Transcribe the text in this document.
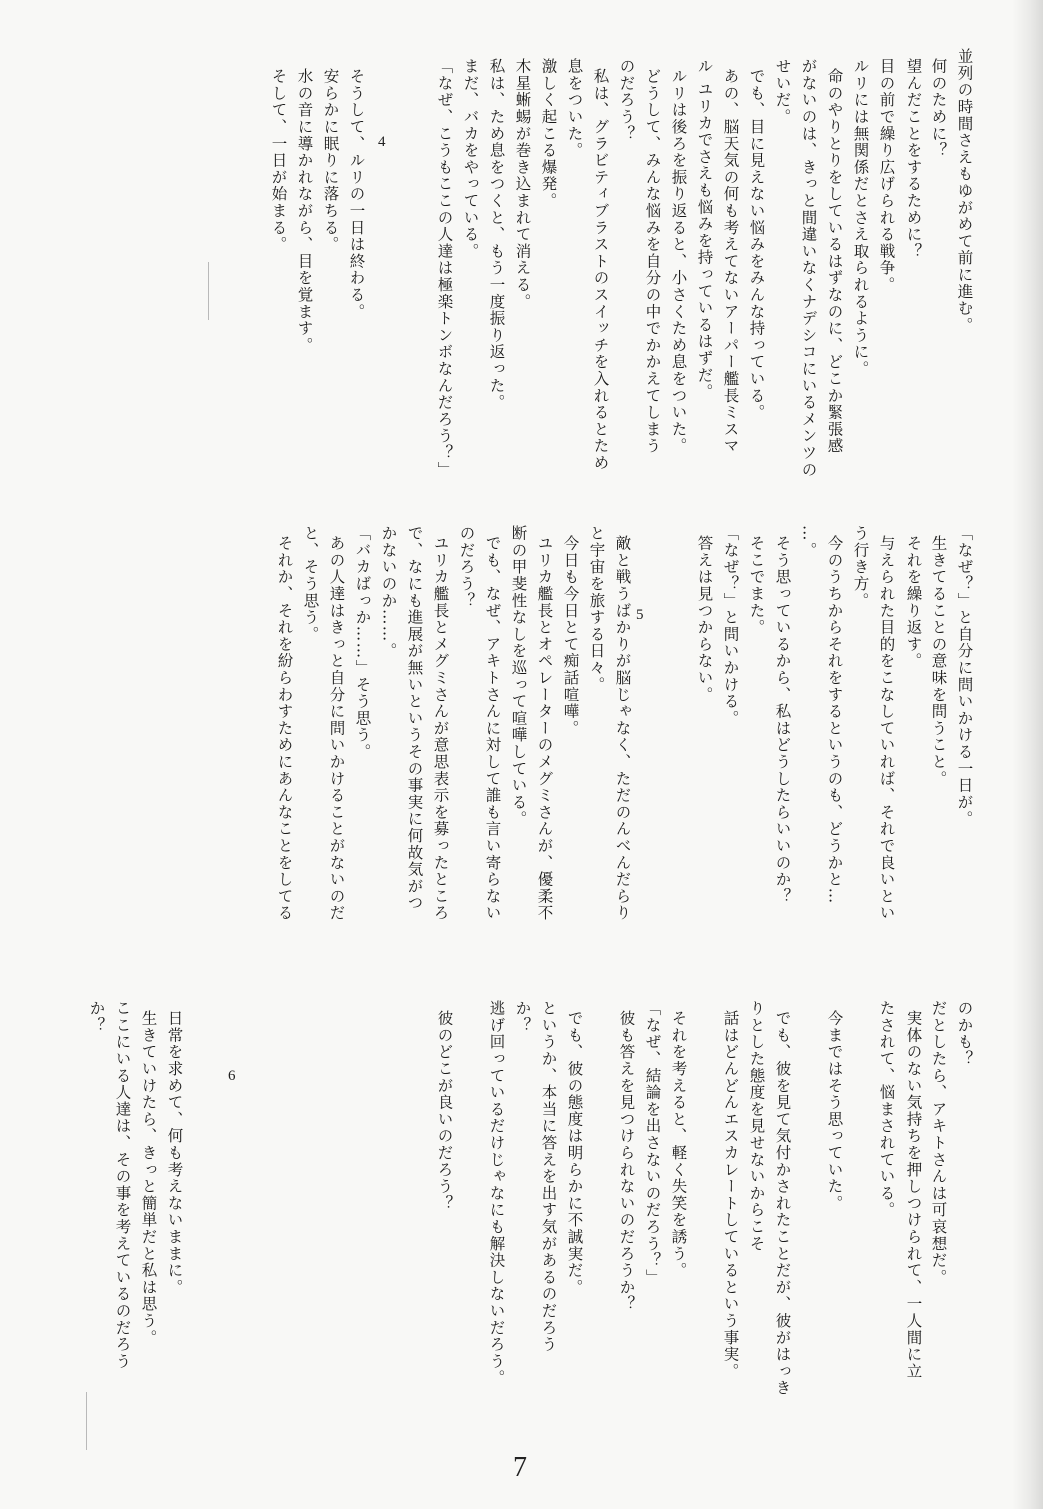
並列の時間さえもゆがめて前に進む。
何のために？
望んだことをするために？
目の前で繰り広げられる戦争。
ルリには無関係だとさえ取られるように。
命のやりとりをしているはずなのに、どこか緊張感
がないのは、きっと間違いなくナデシコにいるメンツの
せいだ。
でも、目に見えない悩みをみんな持っている。
あの、脳天気の何も考えてないアーパー艦長ミスマ
ル ユリカでさえも悩みを持っているはずだ。
ルリは後ろを振り返ると、小さくため息をついた。
どうして、みんな悩みを自分の中でかかえてしまう
のだろう？
私は、グラビティブラストのスイッチを入れるとため
息をついた。
激しく起こる爆発。
木星蜥蜴が巻き込まれて消える。
私は、ため息をつくと、もう一度振り返った。
まだ、バカをやっている。
「なぜ、こうもここの人達は極楽トンボなんだろう？」
4
そうして、ルリの一日は終わる。
安らかに眠りに落ちる。
水の音に導かれながら、目を覚ます。
そして、一日が始まる。
「なぜ？」と自分に問いかける一日が。
生きてることの意味を問うこと。
それを繰り返す。
与えられた目的をこなしていれば、それで良いとい
う行き方。
今のうちからそれをするというのも、どうかと…
…。
そう思っているから、私はどうしたらいいのか？
そこでまた。
「なぜ？」と問いかける。
答えは見つからない。
5
敵と戦うばかりが脳じゃなく、ただのんべんだらり
と宇宙を旅する日々。
今日も今日とて痴話喧嘩。
ユリカ艦長とオペレーターのメグミさんが、優柔不
断の甲斐性なしを巡って喧嘩している。
でも、なぜ、アキトさんに対して誰も言い寄らない
のだろう？
ユリカ艦長とメグミさんが意思表示を募ったところ
で、なにも進展が無いというその事実に何故気がつ
かないのか……。
「バカばっか……」そう思う。
あの人達はきっと自分に問いかけることがないのだ
と、そう思う。
それか、それを紛らわすためにあんなことをしてる
のかも？
だとしたら、アキトさんは可哀想だ。
実体のない気持ちを押しつけられて、一人間に立
たされて、悩まされている。
今まではそう思っていた。
でも、彼を見て気付かされたことだが、彼がはっき
りとした態度を見せないからこそ
話はどんどんエスカレートしているという事実。
それを考えると、軽く失笑を誘う。
「なぜ、結論を出さないのだろう？」
彼も答えを見つけられないのだろうか？
でも、彼の態度は明らかに不誠実だ。
というか、本当に答えを出す気があるのだろう
か？
逃げ回っているだけじゃなにも解決しないだろう。
彼のどこが良いのだろう？
6
日常を求めて、何も考えないままに。
生きていけたら、きっと簡単だと私は思う。
ここにいる人達は、その事を考えているのだろう
か？
7
